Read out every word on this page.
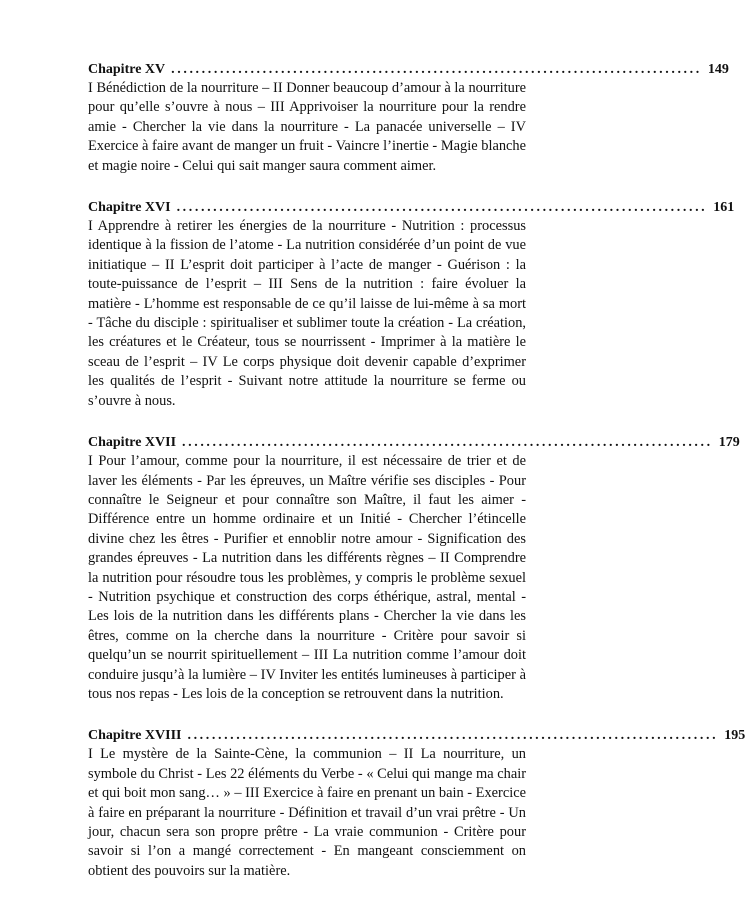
Chapitre XV ....................................................................................... 149

I Bénédiction de la nourriture – II Donner beaucoup d’amour à la nourriture pour qu’elle s’ouvre à nous – III Apprivoiser la nourriture pour la rendre amie - Chercher la vie dans la nourriture - La panacée universelle – IV Exercice à faire avant de manger un fruit - Vaincre l’inertie - Magie blanche et magie noire - Celui qui sait manger saura comment aimer.

Chapitre XVI ....................................................................................... 161

I Apprendre à retirer les énergies de la nourriture - Nutrition : processus identique à la fission de l’atome - La nutrition considérée d’un point de vue initiatique – II L’esprit doit participer à l’acte de manger - Guérison : la toute-puissance de l’esprit – III Sens de la nutrition : faire évoluer la matière - L’homme est responsable de ce qu’il laisse de lui-même à sa mort - Tâche du disciple : spiritualiser et sublimer toute la création - La création, les créatures et le Créateur, tous se nourrissent - Imprimer à la matière le sceau de l’esprit – IV Le corps physique doit devenir capable d’exprimer les qualités de l’esprit - Suivant notre attitude la nourriture se ferme ou s’ouvre à nous.

Chapitre XVII ....................................................................................... 179

I Pour l’amour, comme pour la nourriture, il est nécessaire de trier et de laver les éléments - Par les épreuves, un Maître vérifie ses disciples - Pour connaître le Seigneur et pour connaître son Maître, il faut les aimer - Différence entre un homme ordinaire et un Initié - Chercher l’étincelle divine chez les êtres - Purifier et ennoblir notre amour - Signification des grandes épreuves - La nutrition dans les différents règnes – II Comprendre la nutrition pour résoudre tous les problèmes, y compris le problème sexuel - Nutrition psychique et construction des corps éthérique, astral, mental - Les lois de la nutrition dans les différents plans - Chercher la vie dans les êtres, comme on la cherche dans la nourriture - Critère pour savoir si quelqu’un se nourrit spirituellement – III La nutrition comme l’amour doit conduire jusqu’à la lumière – IV Inviter les entités lumineuses à participer à tous nos repas - Les lois de la conception se retrouvent dans la nutrition.

Chapitre XVIII ....................................................................................... 195

I Le mystère de la Sainte-Cène, la communion – II La nourriture, un symbole du Christ - Les 22 éléments du Verbe - « Celui qui mange ma chair et qui boit mon sang… » – III Exercice à faire en prenant un bain - Exercice à faire en préparant la nourriture - Définition et travail d’un vrai prêtre - Un jour, chacun sera son propre prêtre - La vraie communion - Critère pour savoir si l’on a mangé correctement - En mangeant consciemment on obtient des pouvoirs sur la matière.
